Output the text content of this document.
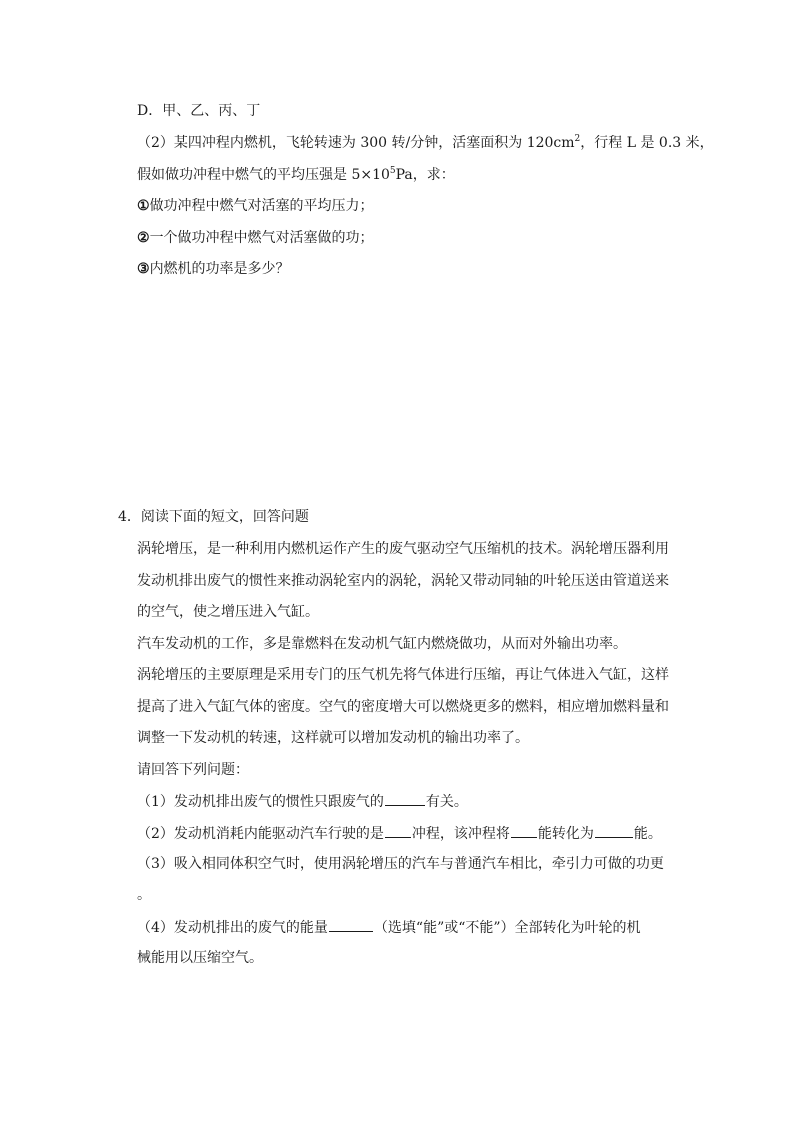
D．甲、乙、丙、丁
（2）某四冲程内燃机，飞轮转速为 300 转/分钟，活塞面积为 $120cm^2$，行程 L 是 0.3 米，
假如做功冲程中燃气的平均压强是 $5\times 10^5Pa$，求：
①做功冲程中燃气对活塞的平均压力；
②一个做功冲程中燃气对活塞做的功；
③内燃机的功率是多少？
4．阅读下面的短文，回答问题
涡轮增压，是一种利用内燃机运作产生的废气驱动空气压缩机的技术。涡轮增压器利用
发动机排出废气的惯性来推动涡轮室内的涡轮，涡轮又带动同轴的叶轮压送由管道送来
的空气，使之增压进入气缸。
汽车发动机的工作，多是靠燃料在发动机气缸内燃烧做功，从而对外输出功率。
涡轮增压的主要原理是采用专门的压气机先将气体进行压缩，再让气体进入气缸，这样
提高了进入气缸气体的密度。空气的密度增大可以燃烧更多的燃料，相应增加燃料量和
调整一下发动机的转速，这样就可以增加发动机的输出功率了。
请回答下列问题：
（1）发动机排出废气的惯性只跟废气的	有关。
（2）发动机消耗内能驱动汽车行驶的是 冲程，该冲程将 能转化为	能。
（3）吸入相同体积空气时，使用涡轮增压的汽车与普通汽车相比，牵引力可做的功更
。
（4）发动机排出的废气的能量	（选填“能”或“不能”）全部转化为叶轮的机
械能用以压缩空气。
